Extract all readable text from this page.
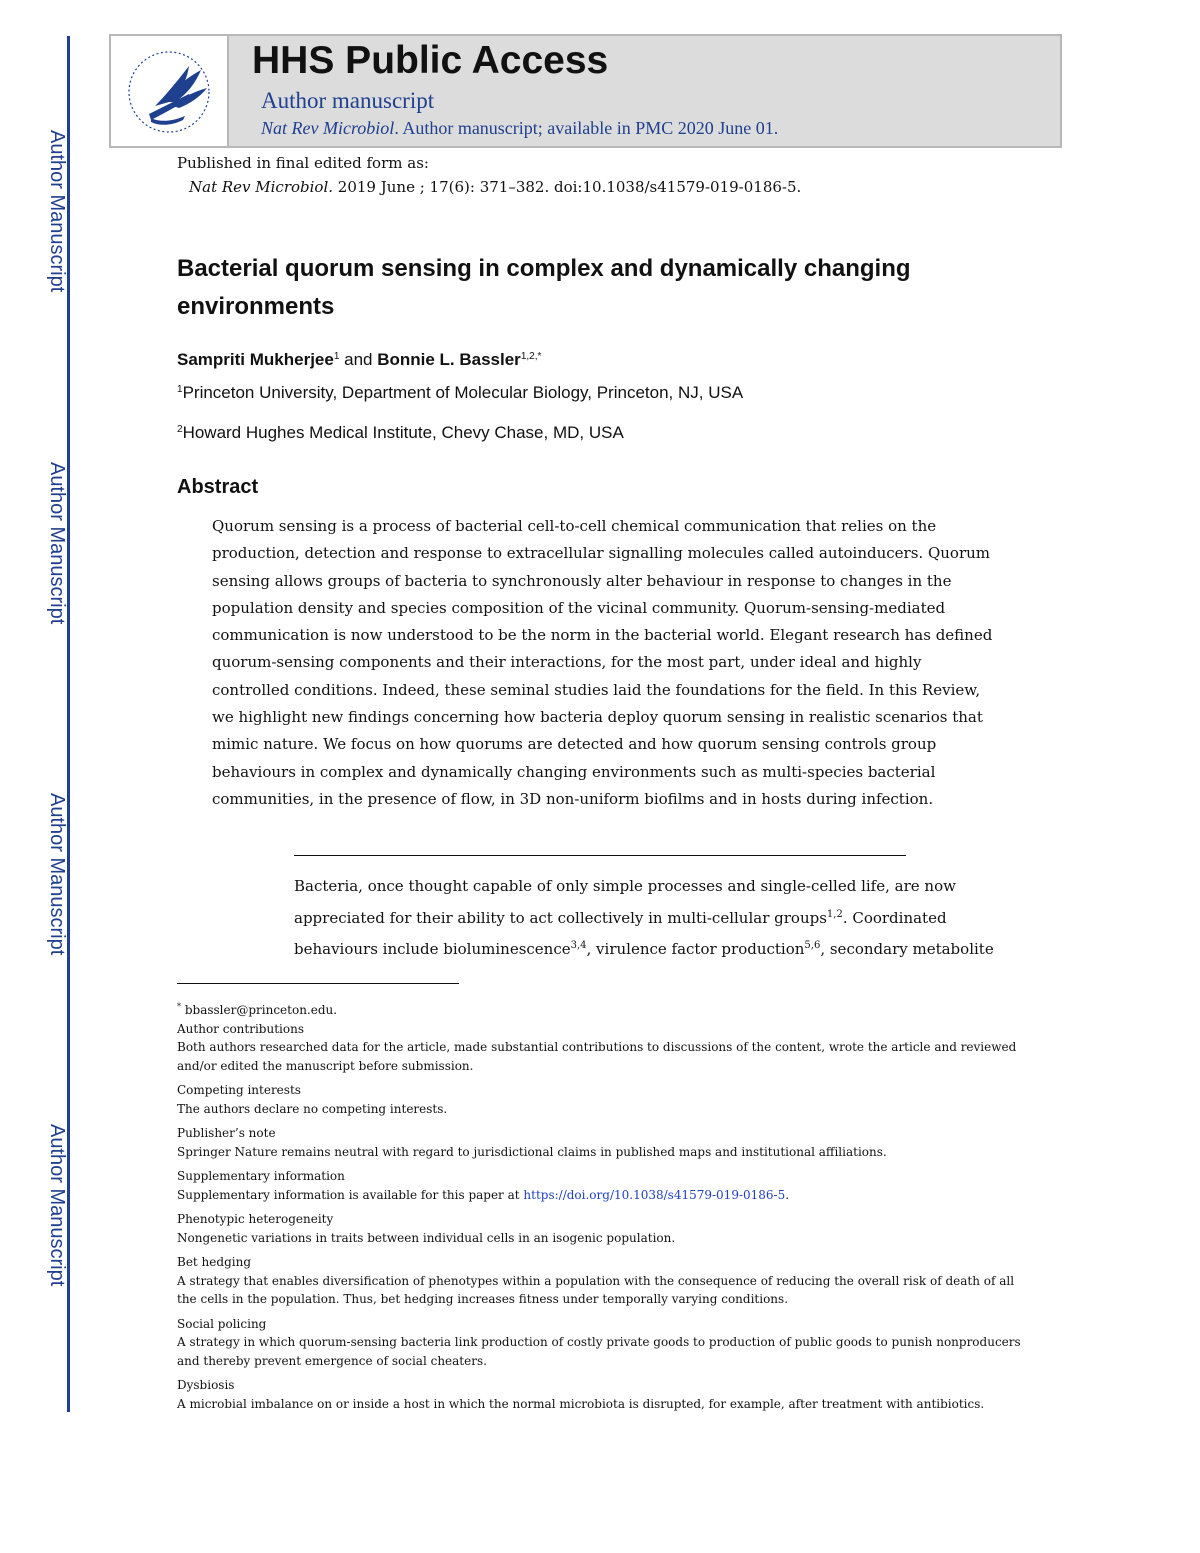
Author Manuscript
Author Manuscript
Author Manuscript
Author Manuscript
HHS Public Access
Author manuscript
Nat Rev Microbiol. Author manuscript; available in PMC 2020 June 01.
Published in final edited form as:
Nat Rev Microbiol. 2019 June ; 17(6): 371–382. doi:10.1038/s41579-019-0186-5.
Bacterial quorum sensing in complex and dynamically changing environments
Sampriti Mukherjee$^1$ and Bonnie L. Bassler$^{1,2,*}$
$^1$Princeton University, Department of Molecular Biology, Princeton, NJ, USA
$^2$Howard Hughes Medical Institute, Chevy Chase, MD, USA
Abstract
Quorum sensing is a process of bacterial cell-to-cell chemical communication that relies on the production, detection and response to extracellular signalling molecules called autoinducers. Quorum sensing allows groups of bacteria to synchronously alter behaviour in response to changes in the population density and species composition of the vicinal community. Quorum-sensing-mediated communication is now understood to be the norm in the bacterial world. Elegant research has defined quorum-sensing components and their interactions, for the most part, under ideal and highly controlled conditions. Indeed, these seminal studies laid the foundations for the field. In this Review, we highlight new findings concerning how bacteria deploy quorum sensing in realistic scenarios that mimic nature. We focus on how quorums are detected and how quorum sensing controls group behaviours in complex and dynamically changing environments such as multi-species bacterial communities, in the presence of flow, in 3D non-uniform biofilms and in hosts during infection.
Bacteria, once thought capable of only simple processes and single-celled life, are now appreciated for their ability to act collectively in multi-cellular groups$^{1,2}$. Coordinated behaviours include bioluminescence$^{3,4}$, virulence factor production$^{5,6}$, secondary metabolite
* bbassler@princeton.edu.
Author contributions
Both authors researched data for the article, made substantial contributions to discussions of the content, wrote the article and reviewed and/or edited the manuscript before submission.
Competing interests
The authors declare no competing interests.
Publisher’s note
Springer Nature remains neutral with regard to jurisdictional claims in published maps and institutional affiliations.
Supplementary information
Supplementary information is available for this paper at https://doi.org/10.1038/s41579-019-0186-5.
Phenotypic heterogeneity
Nongenetic variations in traits between individual cells in an isogenic population.
Bet hedging
A strategy that enables diversification of phenotypes within a population with the consequence of reducing the overall risk of death of all the cells in the population. Thus, bet hedging increases fitness under temporally varying conditions.
Social policing
A strategy in which quorum-sensing bacteria link production of costly private goods to production of public goods to punish nonproducers and thereby prevent emergence of social cheaters.
Dysbiosis
A microbial imbalance on or inside a host in which the normal microbiota is disrupted, for example, after treatment with antibiotics.
